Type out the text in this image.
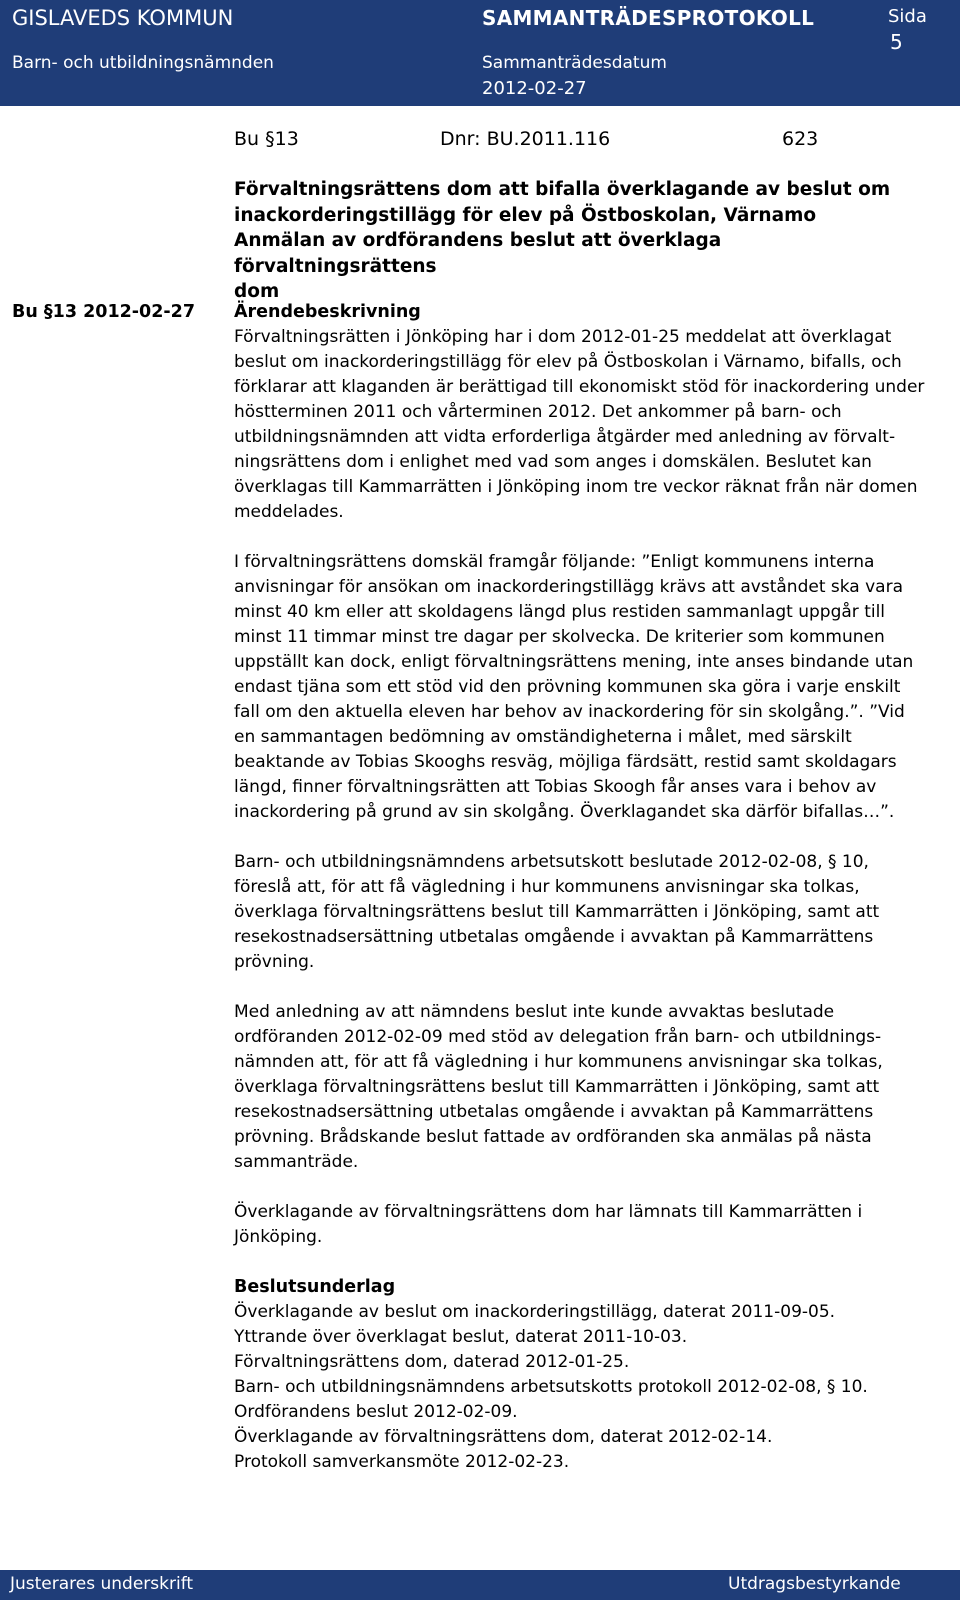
GISLAVEDS KOMMUN
Barn- och utbildningsnämnden
SAMMANTRÄDESPROTOKOLL
Sammanträdesdatum
2012-02-27
Sida
5
Bu §13	Dnr: BU.2011.116	623
Förvaltningsrättens dom att bifalla överklagande av beslut om
inackorderingstillägg för elev på Östboskolan, Värnamo
Anmälan av ordförandens beslut att överklaga förvaltningsrättens
dom
Bu §13 2012-02-27 Ärendebeskrivning

Förvaltningsrätten i Jönköping har i dom 2012-01-25 meddelat att överklagat beslut om inackorderingstillägg för elev på Östboskolan i Värnamo, bifalls, och förklarar att klaganden är berättigad till ekonomiskt stöd för inackordering under höstterminen 2011 och vårterminen 2012. Det ankommer på barn- och utbildningsnämnden att vidta erforderliga åtgärder med anledning av förvalt-ningsrättens dom i enlighet med vad som anges i domskälen. Beslutet kan överklagas till Kammarrätten i Jönköping inom tre veckor räknat från när domen meddelades.

I förvaltningsrättens domskäl framgår följande: ”Enligt kommunens interna anvisningar för ansökan om inackorderingstillägg krävs att avståndet ska vara minst 40 km eller att skoldagens längd plus restiden sammanlagt uppgår till minst 11 timmar minst tre dagar per skolvecka. De kriterier som kommunen uppställt kan dock, enligt förvaltningsrättens mening, inte anses bindande utan endast tjäna som ett stöd vid den prövning kommunen ska göra i varje enskilt fall om den aktuella eleven har behov av inackordering för sin skolgång.”. ”Vid en sammantagen bedömning av omständigheterna i målet, med särskilt beaktande av Tobias Skooghs resväg, möjliga färdsätt, restid samt skoldagars längd, finner förvaltningsrätten att Tobias Skoogh får anses vara i behov av inackordering på grund av sin skolgång. Överklagandet ska därför bifallas…”.

Barn- och utbildningsnämndens arbetsutskott beslutade 2012-02-08, § 10, föreslå att, för att få vägledning i hur kommunens anvisningar ska tolkas, överklaga förvaltningsrättens beslut till Kammarrätten i Jönköping, samt att resekostnadsersättning utbetalas omgående i avvaktan på Kammarrättens prövning.

Med anledning av att nämndens beslut inte kunde avvaktas beslutade ordföranden 2012-02-09 med stöd av delegation från barn- och utbildnings-nämnden att, för att få vägledning i hur kommunens anvisningar ska tolkas, överklaga förvaltningsrättens beslut till Kammarrätten i Jönköping, samt att resekostnadsersättning utbetalas omgående i avvaktan på Kammarrättens prövning. Brådskande beslut fattade av ordföranden ska anmälas på nästa sammanträde.

Överklagande av förvaltningsrättens dom har lämnats till Kammarrätten i Jönköping.

Beslutsunderlag
Överklagande av beslut om inackorderingstillägg, daterat 2011-09-05.
Yttrande över överklagat beslut, daterat 2011-10-03.
Förvaltningsrättens dom, daterad 2012-01-25.
Barn- och utbildningsnämndens arbetsutskotts protokoll 2012-02-08, § 10.
Ordförandens beslut 2012-02-09.
Överklagande av förvaltningsrättens dom, daterat 2012-02-14.
Protokoll samverkansmöte 2012-02-23.
Justerares underskrift	Utdragsbestyrkande
